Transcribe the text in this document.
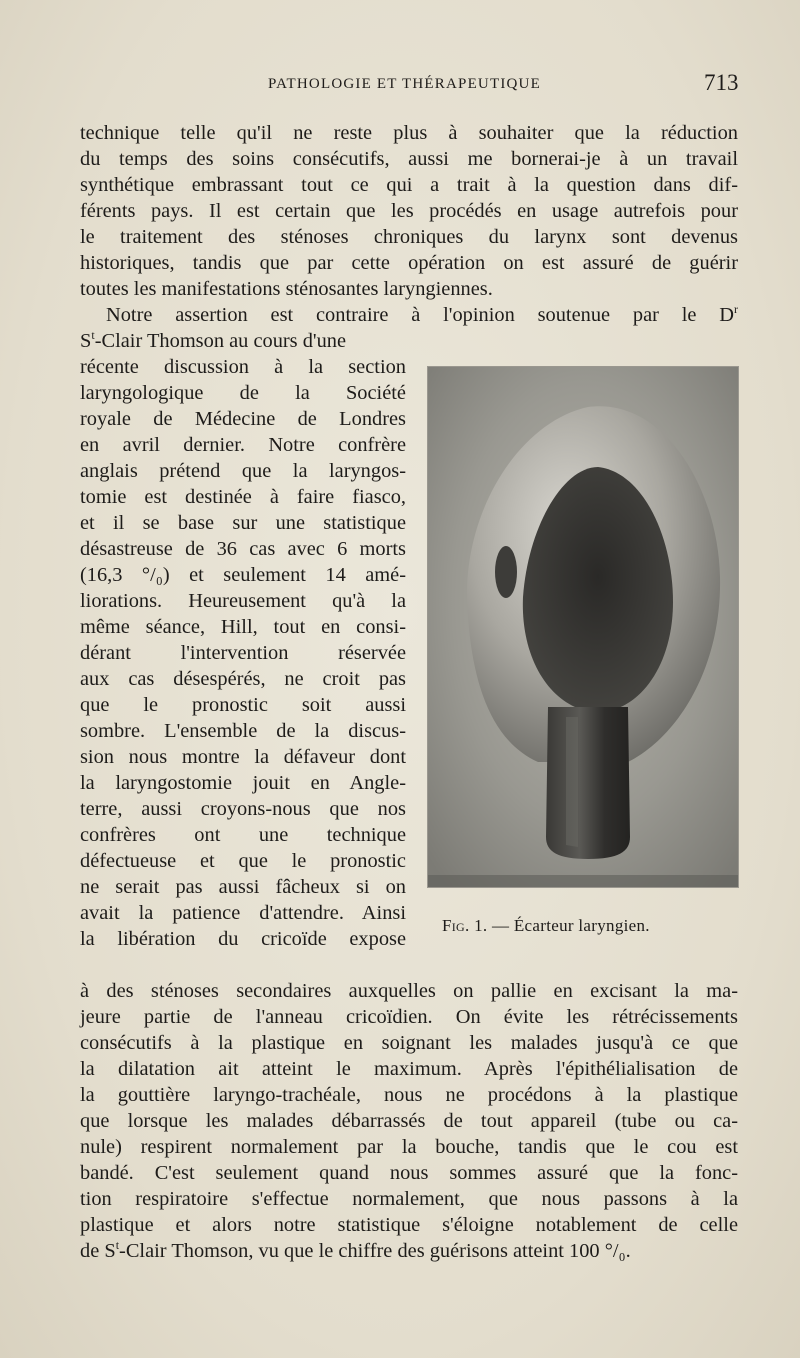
PATHOLOGIE ET THÉRAPEUTIQUE	713
technique telle qu'il ne reste plus à souhaiter que la réduction
du temps des soins consécutifs, aussi me bornerai-je à un travail
synthétique embrassant tout ce qui a trait à la question dans dif-
férents pays. Il est certain que les procédés en usage autrefois pour
le traitement des sténoses chroniques du larynx sont devenus
historiques, tandis que par cette opération on est assuré de guérir
toutes les manifestations sténosantes laryngiennes.
Notre assertion est contraire à l'opinion soutenue par le $D^r$
$S^t$-Clair Thomson au cours d'une
récente discussion à la section
laryngologique de la Société
royale de Médecine de Londres
en avril dernier. Notre confrère
anglais prétend que la laryngos-
tomie est destinée à faire fiasco,
et il se base sur une statistique
désastreuse de 36 cas avec 6 morts
(16,3 °/₀) et seulement 14 amé-
liorations. Heureusement qu'à la
même séance, Hill, tout en consi-
dérant l'intervention réservée
aux cas désespérés, ne croit pas
que le pronostic soit aussi
sombre. L'ensemble de la discus-
sion nous montre la défaveur dont
la laryngostomie jouit en Angle-
terre, aussi croyons-nous que nos
confrères ont une technique
défectueuse et que le pronostic
ne serait pas aussi fâcheux si on
avait la patience d'attendre. Ainsi
la libération du cricoïde expose
Fig. 1. — Écarteur laryngien.
à des sténoses secondaires auxquelles on pallie en excisant la ma-
jeure partie de l'anneau cricoïdien. On évite les rétrécissements
consécutifs à la plastique en soignant les malades jusqu'à ce que
la dilatation ait atteint le maximum. Après l'épithélialisation de
la gouttière laryngo-trachéale, nous ne procédons à la plastique
que lorsque les malades débarrassés de tout appareil (tube ou ca-
nule) respirent normalement par la bouche, tandis que le cou est
bandé. C'est seulement quand nous sommes assuré que la fonc-
tion respiratoire s'effectue normalement, que nous passons à la
plastique et alors notre statistique s'éloigne notablement de celle
de $S^t$-Clair Thomson, vu que le chiffre des guérisons atteint 100 °/₀.
